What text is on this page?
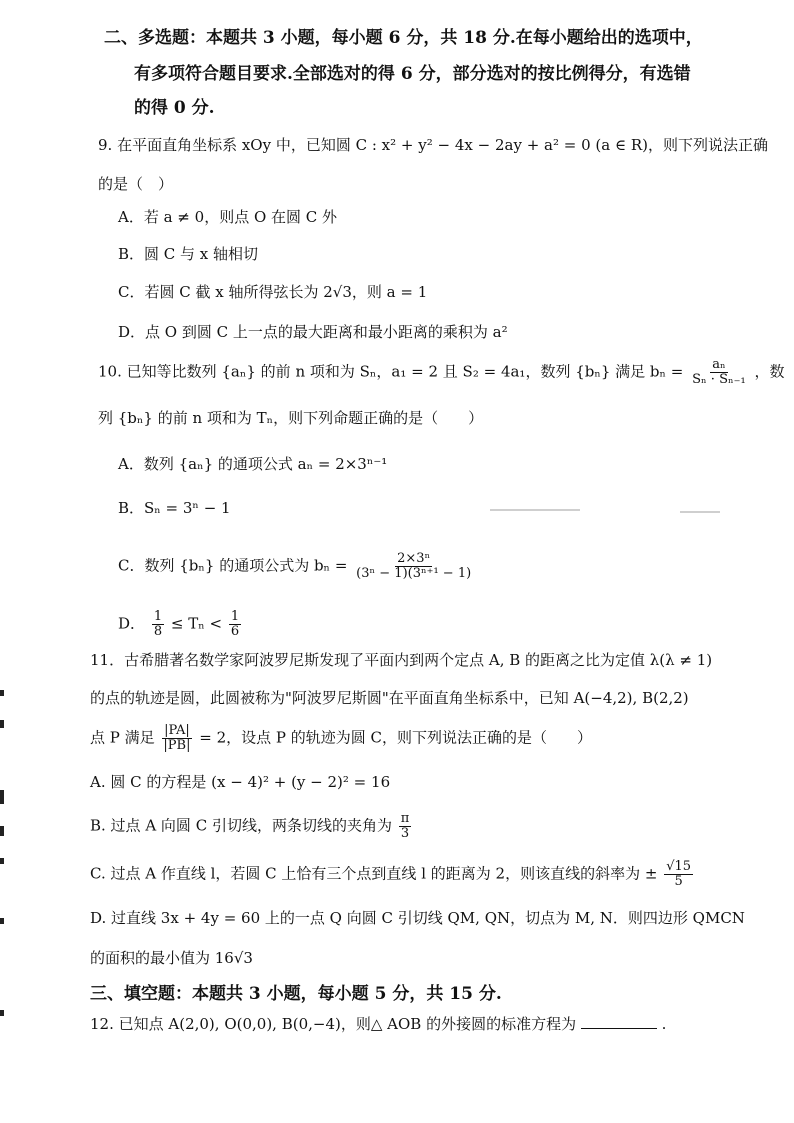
二、多选题：本题共 3 小题，每小题 6 分，共 18 分.在每小题给出的选项中，
有多项符合题目要求.全部选对的得 6 分，部分选对的按比例得分，有选错
的得 0 分.
9. 在平面直角坐标系 xOy 中，已知圆 C : x² + y² − 4x − 2ay + a² = 0 (a ∈ R)，则下列说法正确
的是（　）
A．若 a ≠ 0，则点 O 在圆 C 外
B．圆 C 与 x 轴相切
C．若圆 C 截 x 轴所得弦长为 2√3，则 a = 1
D．点 O 到圆 C 上一点的最大距离和最小距离的乘积为 a²
10. 已知等比数列 {aₙ} 的前 n 项和为 Sₙ，a₁ = 2 且 S₂ = 4a₁，数列 {bₙ} 满足 $b_n = \frac{\text{aₙ}}{\text{Sₙ · Sₙ₋₁}}$ ，数
列 {bₙ} 的前 n 项和为 Tₙ，则下列命题正确的是（　　）
A．数列 {aₙ} 的通项公式 aₙ = 2×3ⁿ⁻¹
B．Sₙ = 3ⁿ − 1
C．数列 {bₙ} 的通项公式为 $b_n = \frac{\text{2×3ⁿ}}{\text{(3ⁿ − 1)(3ⁿ⁺¹ − 1)}}$
D． $\frac{1}{8} \le T_n < \frac{1}{6}$
11．古希腊著名数学家阿波罗尼斯发现了平面内到两个定点 A, B 的距离之比为定值 λ(λ ≠ 1)
的点的轨迹是圆，此圆被称为"阿波罗尼斯圆"在平面直角坐标系中，已知 A(−4,2), B(2,2)
点 P 满足 $\frac{|PA|}{|PB|} = 2$，设点 P 的轨迹为圆 C，则下列说法正确的是（　　）
A. 圆 C 的方程是 (x − 4)² + (y − 2)² = 16
B. 过点 A 向圆 C 引切线，两条切线的夹角为 $\frac{\pi}{3}$
C. 过点 A 作直线 l，若圆 C 上恰有三个点到直线 l 的距离为 2，则该直线的斜率为 ± $\frac{√15}{5}$
D. 过直线 3x + 4y = 60 上的一点 Q 向圆 C 引切线 QM, QN，切点为 M, N．则四边形 QMCN
的面积的最小值为 16√3
三、填空题：本题共 3 小题，每小题 5 分，共 15 分.
12. 已知点 A(2,0), O(0,0), B(0,−4)，则△ AOB 的外接圆的标准方程为	.
